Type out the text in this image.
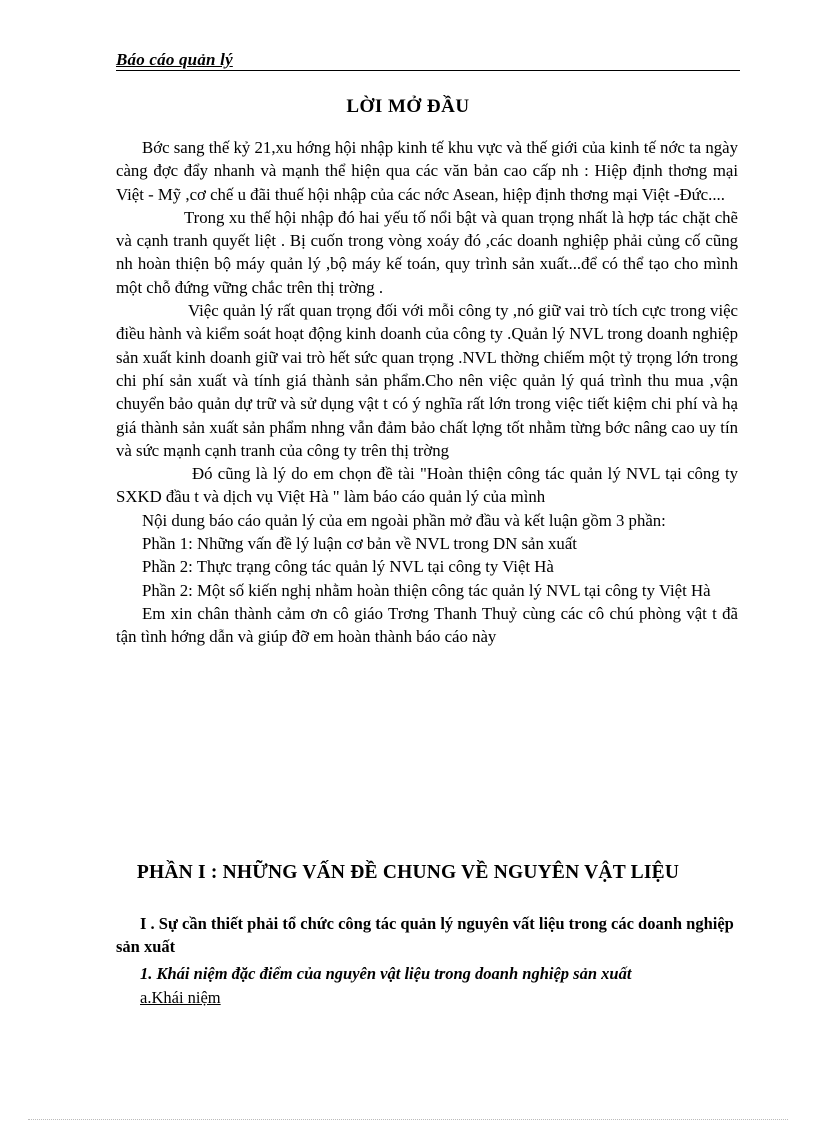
Báo cáo quản lý
LỜI MỞ ĐẦU

Bớc sang thế kỷ 21,xu hớng hội nhập kinh tế khu vực và thế giới của kinh tế nớc ta ngày càng đợc đẩy nhanh và mạnh thể hiện qua các văn bản cao cấp nh : Hiệp định thơng mại Việt - Mỹ ,cơ chế u đãi thuế hội nhập của các nớc Asean, hiệp định thơng mại Việt -Đức....

Trong xu thế hội nhập đó hai yếu tố nổi bật và quan trọng nhất là hợp tác chặt chẽ và cạnh tranh quyết liệt . Bị cuốn trong vòng xoáy đó ,các doanh nghiệp phải củng cố cũng nh hoàn thiện bộ máy quản lý ,bộ máy kế toán, quy trình sản xuất...để có thể tạo cho mình một chỗ đứng vững chắc trên thị trờng .

Việc quản lý rất quan trọng đối với mỗi công ty ,nó giữ vai trò tích cực trong việc điều hành và kiểm soát hoạt động kinh doanh của công ty .Quản lý NVL trong doanh nghiệp sản xuất kinh doanh giữ vai trò hết sức quan trọng .NVL thờng chiếm một tỷ trọng lớn trong chi phí sản xuất và tính giá thành sản phẩm.Cho nên việc quản lý quá trình thu mua ,vận chuyển bảo quản dự trữ và sử dụng vật t có ý nghĩa rất lớn trong việc tiết kiệm chi phí và hạ giá thành sản xuất sản phẩm nhng vẫn đảm bảo chất lợng tốt nhằm từng bớc nâng cao uy tín và sức mạnh cạnh tranh của công ty trên thị trờng

Đó cũng là lý do em chọn đề tài "Hoàn thiện công tác quản lý NVL tại công ty SXKD đầu t và dịch vụ Việt Hà " làm báo cáo quản lý của mình

Nội dung báo cáo quản lý của em ngoài phần mở đầu và kết luận gồm 3 phần:

Phần 1: Những vấn đề lý luận cơ bản về NVL trong DN sản xuất

Phần 2: Thực trạng công tác quản lý NVL tại công ty Việt Hà

Phần 2: Một số kiến nghị nhằm hoàn thiện công tác quản lý NVL tại công ty Việt Hà

Em xin chân thành cảm ơn cô giáo Trơng Thanh Thuỷ cùng các cô chú phòng vật t đã tận tình hớng dẫn và giúp đỡ em hoàn thành báo cáo này

PHẦN I : NHỮNG VẤN ĐỀ CHUNG VỀ NGUYÊN VẬT LIỆU
I . Sự cần thiết phải tổ chức công tác quản lý nguyên vất liệu trong các doanh nghiệp sản xuất
1. Khái niệm đặc điểm của nguyên vật liệu trong doanh nghiệp sản xuất
a.Khái niệm
